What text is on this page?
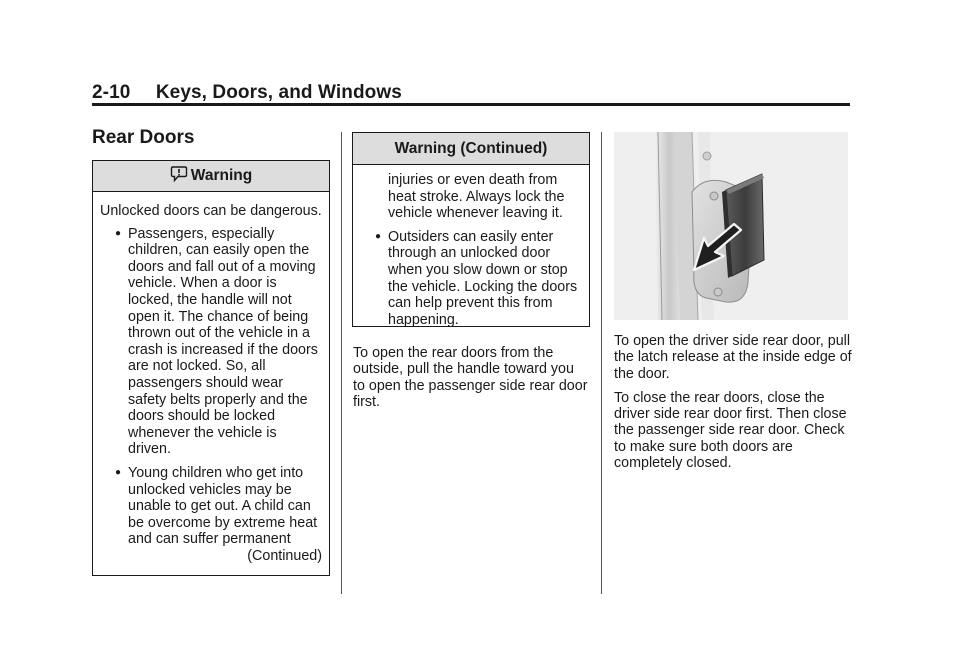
2-10 Keys, Doors, and Windows
Rear Doors
Warning

Unlocked doors can be dangerous.

● Passengers, especially children, can easily open the doors and fall out of a moving vehicle. When a door is locked, the handle will not open it. The chance of being thrown out of the vehicle in a crash is increased if the doors are not locked. So, all passengers should wear safety belts properly and the doors should be locked whenever the vehicle is driven.
● Young children who get into unlocked vehicles may be unable to get out. A child can be overcome by extreme heat and can suffer permanent
(Continued)
Warning (Continued)
injuries or even death from heat stroke. Always lock the vehicle whenever leaving it.
● Outsiders can easily enter through an unlocked door when you slow down or stop the vehicle. Locking the doors can help prevent this from happening.

To open the rear doors from the outside, pull the handle toward you to open the passenger side rear door first.

To open the driver side rear door, pull the latch release at the inside edge of the door.

To close the rear doors, close the driver side rear door first. Then close the passenger side rear door. Check to make sure both doors are completely closed.
